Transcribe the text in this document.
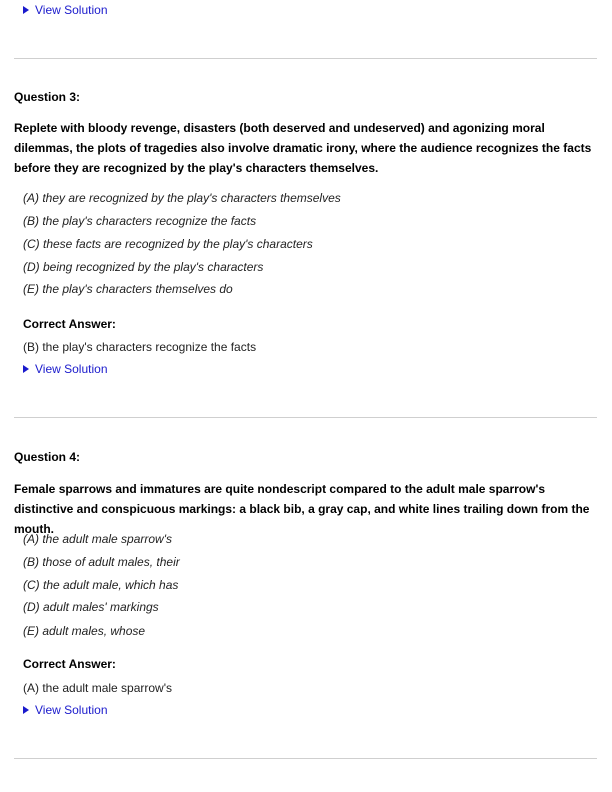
View Solution
Question 3:
Replete with bloody revenge, disasters (both deserved and undeserved) and agonizing moral dilemmas, the plots of tragedies also involve dramatic irony, where the audience recognizes the facts before they are recognized by the play's characters themselves.
(A) they are recognized by the play's characters themselves
(B) the play's characters recognize the facts
(C) these facts are recognized by the play's characters
(D) being recognized by the play's characters
(E) the play's characters themselves do
Correct Answer:
(B) the play's characters recognize the facts
View Solution
Question 4:
Female sparrows and immatures are quite nondescript compared to the adult male sparrow's distinctive and conspicuous markings: a black bib, a gray cap, and white lines trailing down from the mouth.
(A) the adult male sparrow's
(B) those of adult males, their
(C) the adult male, which has
(D) adult males' markings
(E) adult males, whose
Correct Answer:
(A) the adult male sparrow's
View Solution
